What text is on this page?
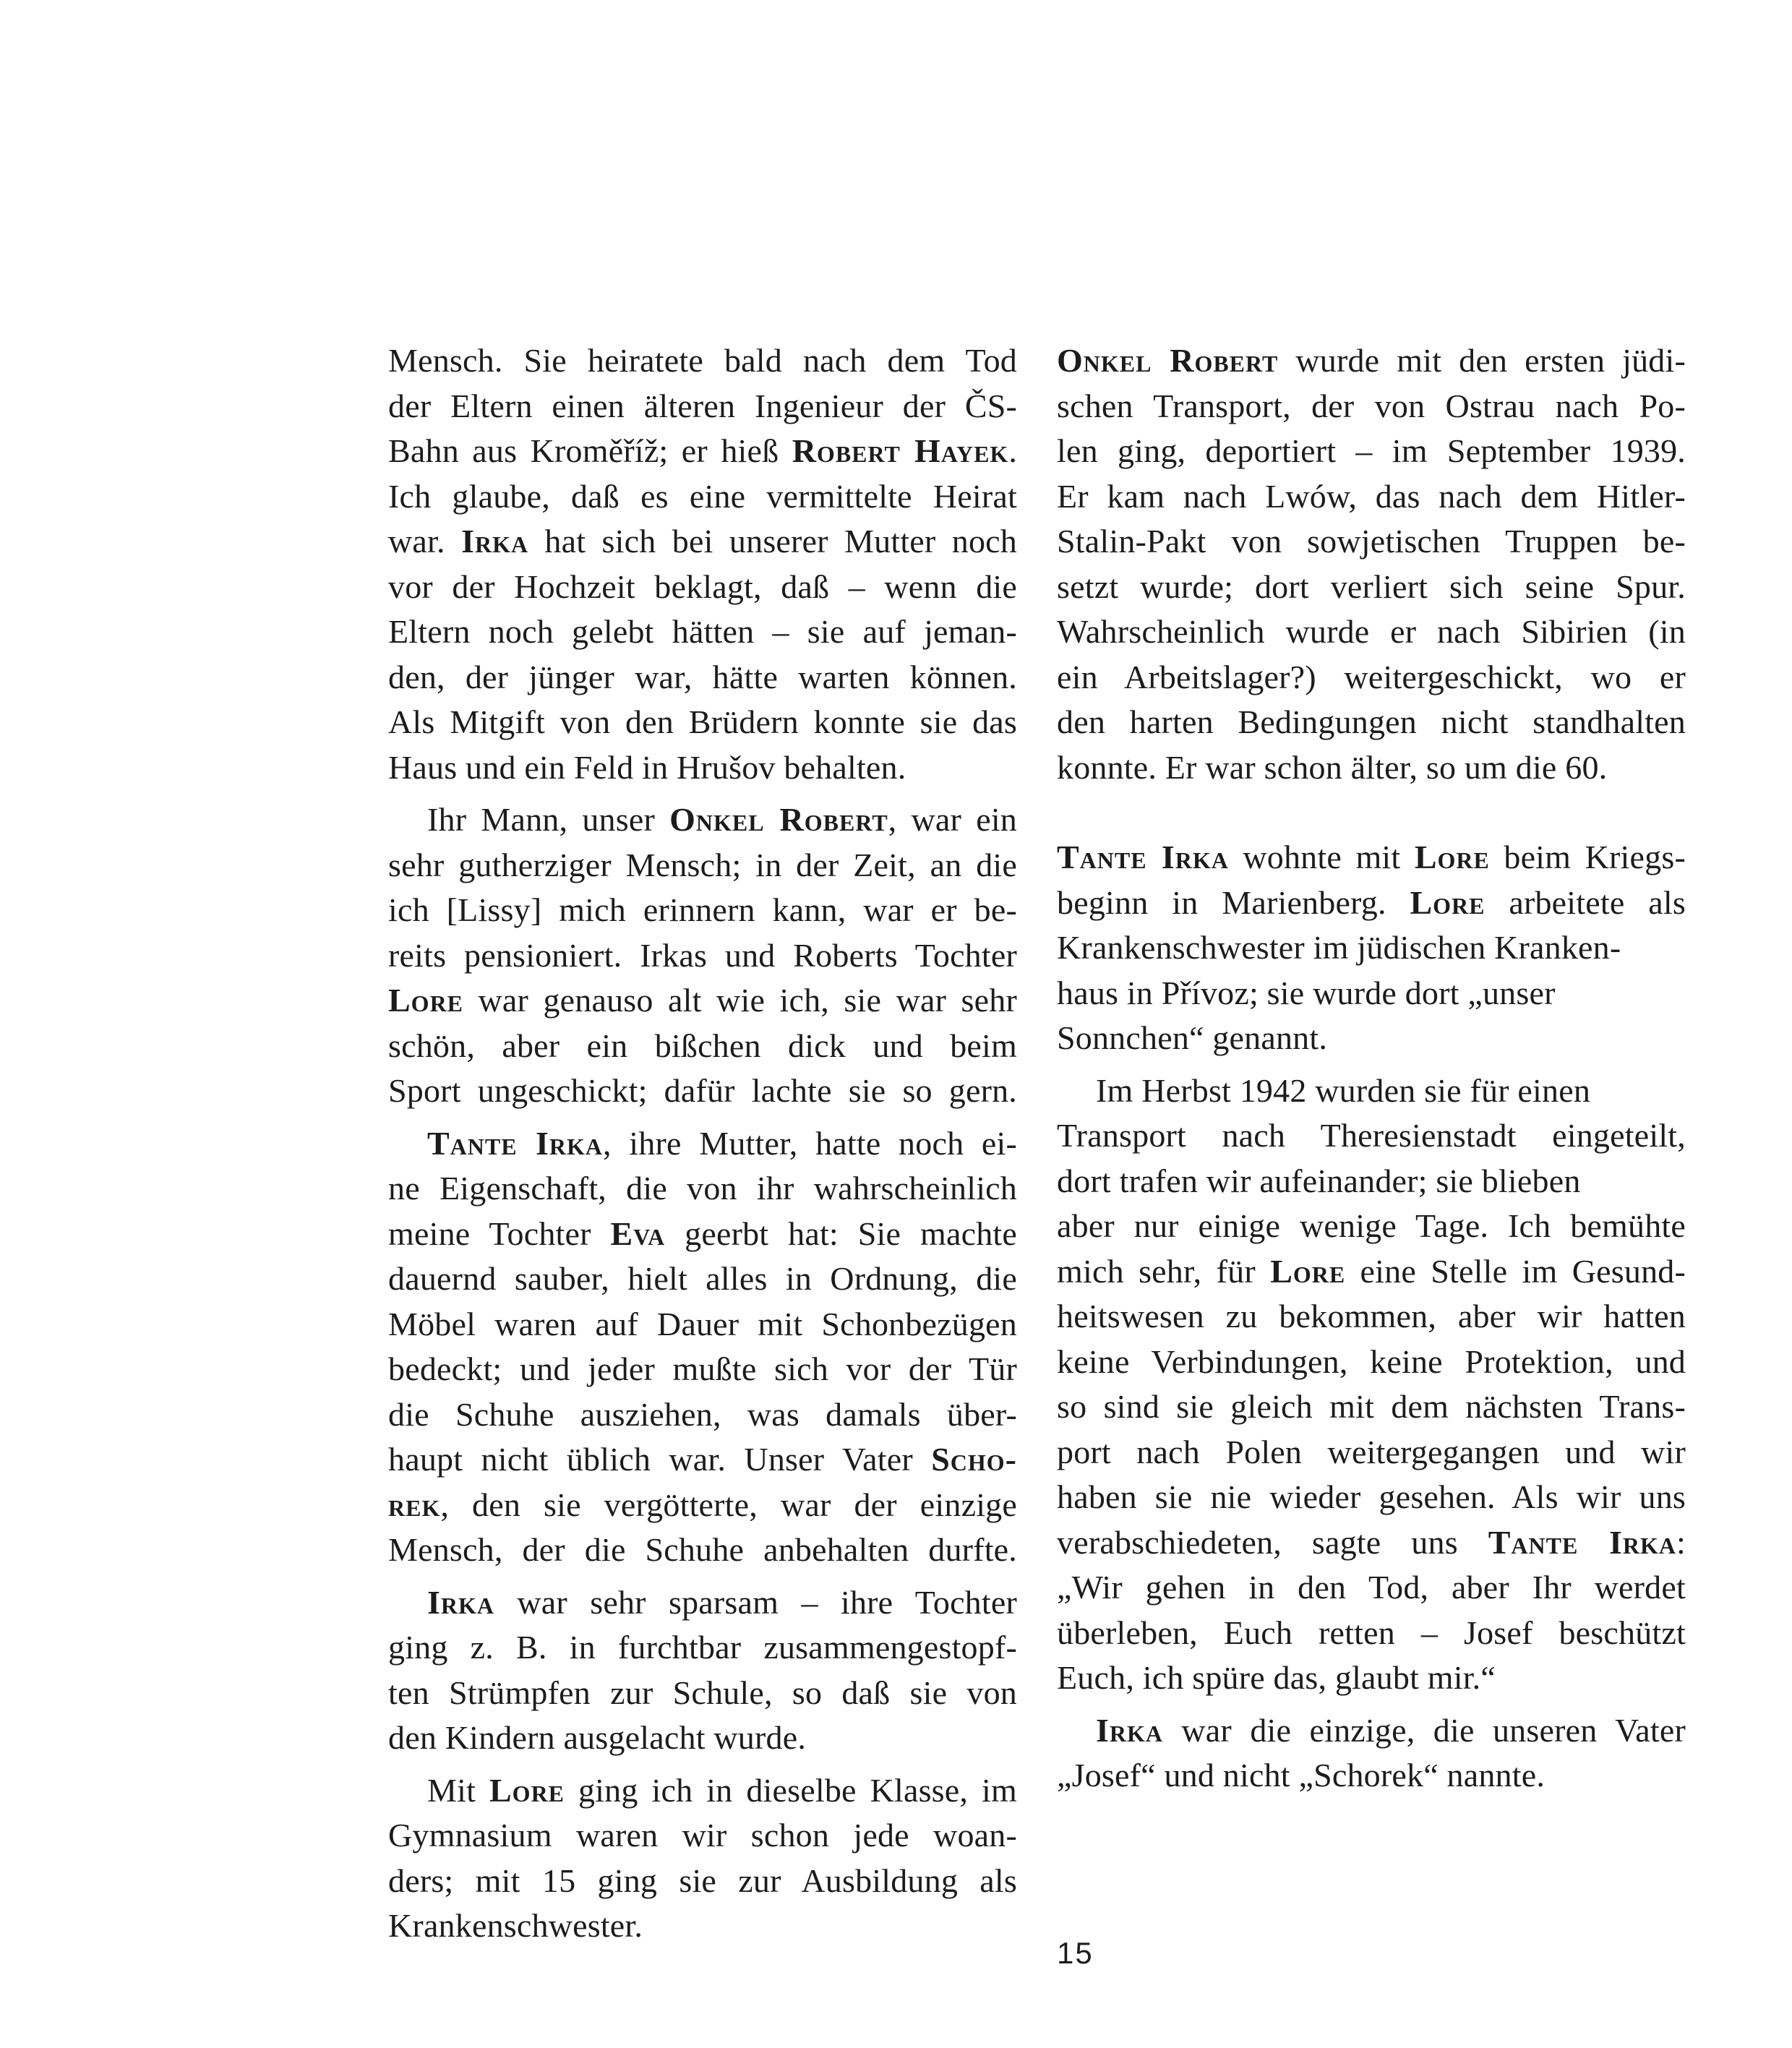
Mensch. Sie heiratete bald nach dem Tod
der Eltern einen älteren Ingenieur der ČS-
Bahn aus Kroměříž; er hieß Robert Hayek.
Ich glaube, daß es eine vermittelte Heirat
war. Irka hat sich bei unserer Mutter noch
vor der Hochzeit beklagt, daß – wenn die
Eltern noch gelebt hätten – sie auf jeman-
den, der jünger war, hätte warten können.
Als Mitgift von den Brüdern konnte sie das
Haus und ein Feld in Hrušov behalten.
Ihr Mann, unser Onkel Robert, war ein
sehr gutherziger Mensch; in der Zeit, an die
ich [Lissy] mich erinnern kann, war er be-
reits pensioniert. Irkas und Roberts Tochter
Lore war genauso alt wie ich, sie war sehr
schön, aber ein bißchen dick und beim
Sport ungeschickt; dafür lachte sie so gern.
Tante Irka, ihre Mutter, hatte noch ei-
ne Eigenschaft, die von ihr wahrscheinlich
meine Tochter Eva geerbt hat: Sie machte
dauernd sauber, hielt alles in Ordnung, die
Möbel waren auf Dauer mit Schonbezügen
bedeckt; und jeder mußte sich vor der Tür
die Schuhe ausziehen, was damals über-
haupt nicht üblich war. Unser Vater Scho-
rek, den sie vergötterte, war der einzige
Mensch, der die Schuhe anbehalten durfte.
Irka war sehr sparsam – ihre Tochter
ging z. B. in furchtbar zusammengestopf-
ten Strümpfen zur Schule, so daß sie von
den Kindern ausgelacht wurde.
Mit Lore ging ich in dieselbe Klasse, im
Gymnasium waren wir schon jede woan-
ders; mit 15 ging sie zur Ausbildung als
Krankenschwester.
Onkel Robert wurde mit den ersten jüdi-
schen Transport, der von Ostrau nach Po-
len ging, deportiert – im September 1939.
Er kam nach Lwów, das nach dem Hitler-
Stalin-Pakt von sowjetischen Truppen be-
setzt wurde; dort verliert sich seine Spur.
Wahrscheinlich wurde er nach Sibirien (in
ein Arbeitslager?) weitergeschickt, wo er
den harten Bedingungen nicht standhalten
konnte. Er war schon älter, so um die 60.
Tante Irka wohnte mit Lore beim Kriegs-
beginn in Marienberg. Lore arbeitete als
Krankenschwester im jüdischen Kranken-
haus in Přívoz; sie wurde dort „unser
Sonnchen“ genannt.
Im Herbst 1942 wurden sie für einen
Transport nach Theresienstadt eingeteilt,
dort trafen wir aufeinander; sie blieben
aber nur einige wenige Tage. Ich bemühte
mich sehr, für Lore eine Stelle im Gesund-
heitswesen zu bekommen, aber wir hatten
keine Verbindungen, keine Protektion, und
so sind sie gleich mit dem nächsten Trans-
port nach Polen weitergegangen und wir
haben sie nie wieder gesehen. Als wir uns
verabschiedeten, sagte uns Tante Irka:
„Wir gehen in den Tod, aber Ihr werdet
überleben, Euch retten – Josef beschützt
Euch, ich spüre das, glaubt mir.“
Irka war die einzige, die unseren Vater
„Josef“ und nicht „Schorek“ nannte.
15
